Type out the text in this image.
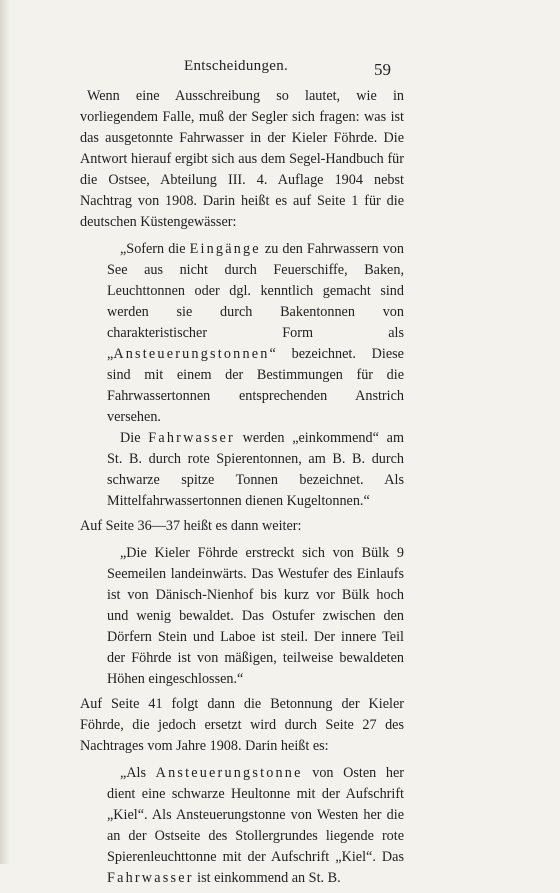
Entscheidungen.	59

Wenn eine Ausschreibung so lautet, wie in vorliegendem Falle, muß der Segler sich fragen: was ist das ausgetonnte Fahrwasser in der Kieler Föhrde. Die Antwort hierauf ergibt sich aus dem Segel-Handbuch für die Ostsee, Abteilung III. 4. Auflage 1904 nebst Nachtrag von 1908. Darin heißt es auf Seite 1 für die deutschen Küstengewässer:

„Sofern die Eingänge zu den Fahrwassern von See aus nicht durch Feuerschiffe, Baken, Leuchttonnen oder dgl. kenntlich gemacht sind werden sie durch Bakentonnen von charakteristischer Form als „Ansteuerungstonnen“ bezeichnet. Diese sind mit einem der Bestimmungen für die Fahrwassertonnen entsprechenden Anstrich versehen.

Die Fahrwasser werden „einkommend“ am St. B. durch rote Spierentonnen, am B. B. durch schwarze spitze Tonnen bezeichnet. Als Mittelfahrwassertonnen dienen Kugeltonnen.“

Auf Seite 36—37 heißt es dann weiter:

„Die Kieler Föhrde erstreckt sich von Bülk 9 Seemeilen landeinwärts. Das Westufer des Einlaufs ist von Dänisch-Nienhof bis kurz vor Bülk hoch und wenig bewaldet. Das Ostufer zwischen den Dörfern Stein und Laboe ist steil. Der innere Teil der Föhrde ist von mäßigen, teilweise bewaldeten Höhen eingeschlossen.“

Auf Seite 41 folgt dann die Betonnung der Kieler Föhrde, die jedoch ersetzt wird durch Seite 27 des Nachtrages vom Jahre 1908. Darin heißt es:

„Als Ansteuerungstonne von Osten her dient eine schwarze Heultonne mit der Aufschrift „Kiel“. Als Ansteuerungstonne von Westen her die an der Ostseite des Stollergrundes liegende rote Spierenleuchttonne mit der Aufschrift „Kiel“. Das Fahrwasser ist einkommend an St. B.
